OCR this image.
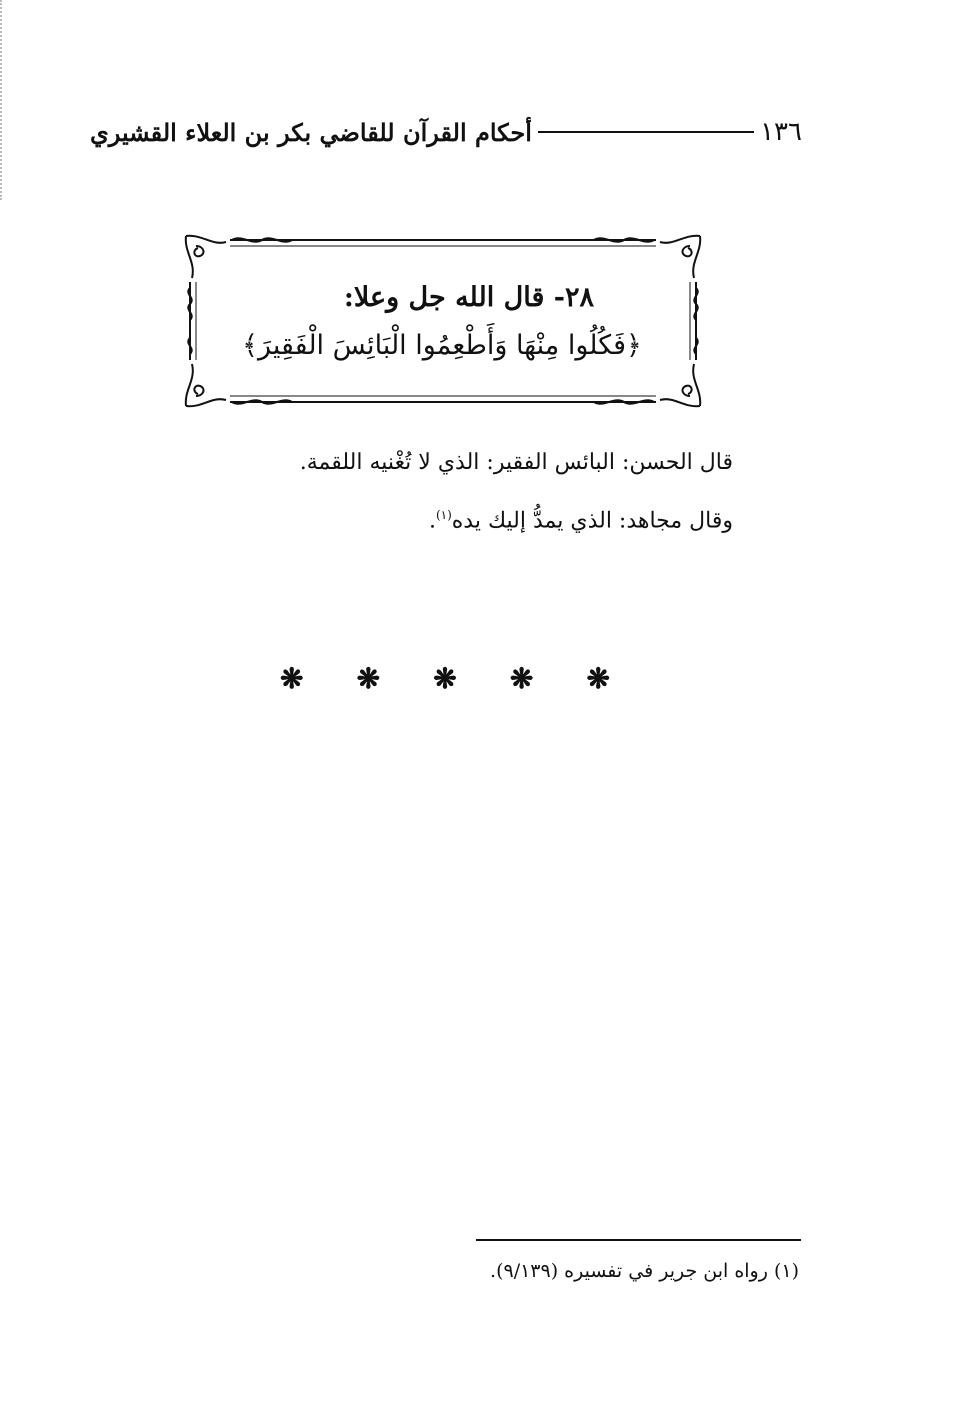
١٣٦
أحكام القرآن للقاضي بكر بن العلاء القشيري
٢٨- قال الله جل وعلا:
﴿فَكُلُوا مِنْهَا وَأَطْعِمُوا الْبَائِسَ الْفَقِيرَ﴾
قال الحسن: البائس الفقير: الذي لا تُغْنيه اللقمة.
وقال مجاهد: الذي يمدُّ إليك يده$^{(١)}$.
❋ ❋ ❋ ❋ ❋
(١) رواه ابن جرير في تفسيره (٩/١٣٩).
